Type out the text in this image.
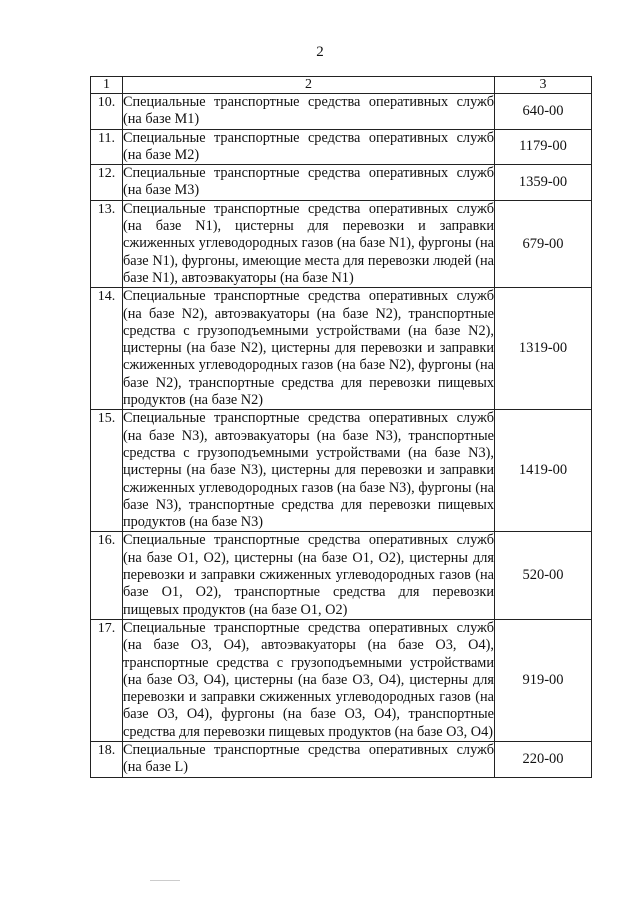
2
1	2	3
10.	Специальные транспортные средства оперативных служб (на базе M1)	640-00
11.	Специальные транспортные средства оперативных служб (на базе M2)	1179-00
12.	Специальные транспортные средства оперативных служб (на базе M3)	1359-00
13.	Специальные транспортные средства оперативных служб (на базе N1), цистерны для перевозки и заправки сжиженных углеводородных газов (на базе N1), фургоны (на базе N1), фургоны, имеющие места для перевозки людей (на базе N1), автоэвакуаторы (на базе N1)	679-00
14.	Специальные транспортные средства оперативных служб (на базе N2), автоэвакуаторы (на базе N2), транспортные средства с грузоподъемными устройствами (на базе N2), цистерны (на базе N2), цистерны для перевозки и заправки сжиженных углеводородных газов (на базе N2), фургоны (на базе N2), транспортные средства для перевозки пищевых продуктов (на базе N2)	1319-00
15.	Специальные транспортные средства оперативных служб (на базе N3), автоэвакуаторы (на базе N3), транспортные средства с грузоподъемными устройствами (на базе N3), цистерны (на базе N3), цистерны для перевозки и заправки сжиженных углеводородных газов (на базе N3), фургоны (на базе N3), транспортные средства для перевозки пищевых продуктов (на базе N3)	1419-00
16.	Специальные транспортные средства оперативных служб (на базе O1, O2), цистерны (на базе O1, O2), цистерны для перевозки и заправки сжиженных углеводородных газов (на базе O1, O2), транспортные средства для перевозки пищевых продуктов (на базе O1, O2)	520-00
17.	Специальные транспортные средства оперативных служб (на базе O3, O4), автоэвакуаторы (на базе O3, O4), транспортные средства с грузоподъемными устройствами (на базе O3, O4), цистерны (на базе O3, O4), цистерны для перевозки и заправки сжиженных углеводородных газов (на базе O3, O4), фургоны (на базе O3, O4), транспортные средства для перевозки пищевых продуктов (на базе O3, O4)	919-00
18.	Специальные транспортные средства оперативных служб (на базе L)	220-00
